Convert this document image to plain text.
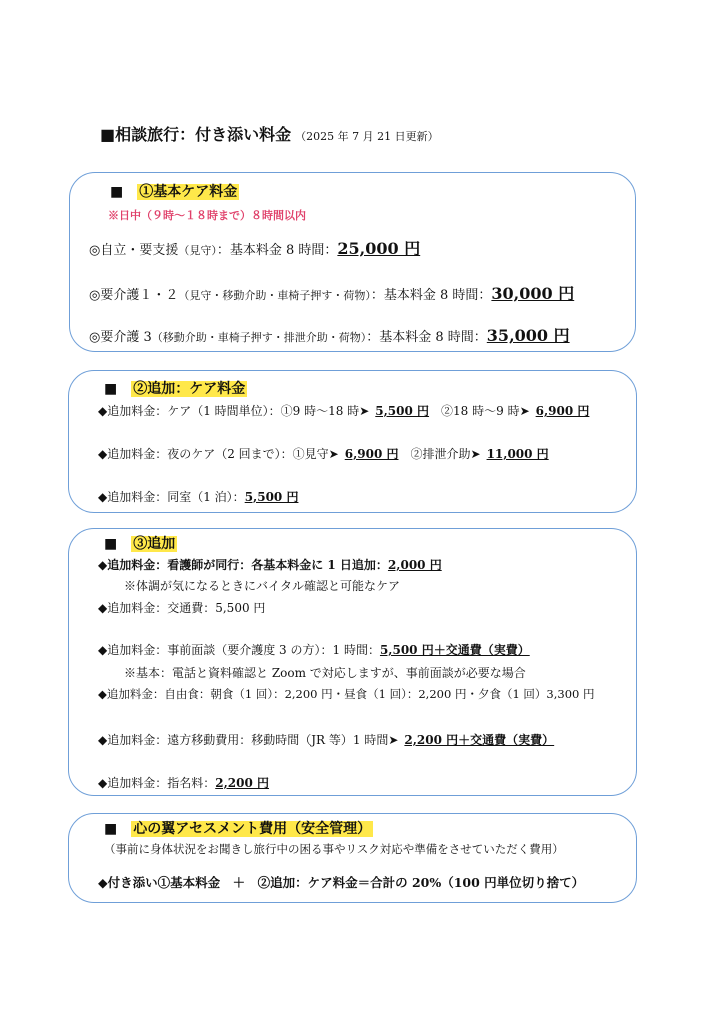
■相談旅行：付き添い料金 （2025 年 7 月 21 日更新）
■ ①基本ケア料金
※日中（９時～１８時まで）８時間以内
◎自立・要支援（見守）：基本料金 8 時間：25,000 円
◎要介護１・２（見守・移動介助・車椅子押す・荷物）：基本料金 8 時間：30,000 円
◎要介護 3（移動介助・車椅子押す・排泄介助・荷物）：基本料金 8 時間：35,000 円
■ ②追加：ケア料金
◆追加料金：ケア（1 時間単位）：①9 時～18 時➤ 5,500 円 ②18 時～9 時➤ 6,900 円
◆追加料金：夜のケア（2 回まで）：①見守➤ 6,900 円 ②排泄介助➤ 11,000 円
◆追加料金：同室（1 泊）：5,500 円
■ ③追加
◆追加料金：看護師が同行：各基本料金に 1 日追加：2,000 円
※体調が気になるときにバイタル確認と可能なケア
◆追加料金：交通費：5,500 円
◆追加料金：事前面談（要介護度 3 の方）：1 時間：5,500 円＋交通費（実費）
※基本：電話と資料確認と Zoom で対応しますが、事前面談が必要な場合
◆追加料金：自由食：朝食（1 回）：2,200 円・昼食（1 回）：2,200 円・夕食（1 回）3,300 円
◆追加料金：遠方移動費用：移動時間（JR 等）1 時間➤ 2,200 円＋交通費（実費）
◆追加料金：指名料：2,200 円
■ 心の翼アセスメント費用（安全管理）
（事前に身体状況をお聞きし旅行中の困る事やリスク対応や準備をさせていただく費用）
◆付き添い①基本料金　＋　②追加：ケア料金＝合計の 20%（100 円単位切り捨て）
